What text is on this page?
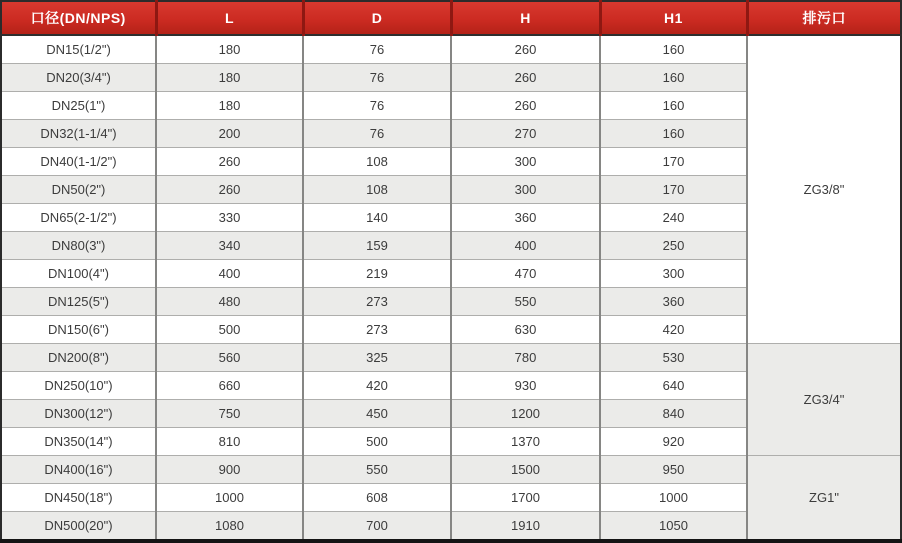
口径(DN/NPS)	L	D	H	H1	排污口
DN15(1/2")	180	76	260	160	ZG3/8"
DN20(3/4")	180	76	260	160	
DN25(1")	180	76	260	160	
DN32(1-1/4")	200	76	270	160	
DN40(1-1/2")	260	108	300	170	
DN50(2")	260	108	300	170	
DN65(2-1/2")	330	140	360	240	
DN80(3")	340	159	400	250	
DN100(4")	400	219	470	300	
DN125(5")	480	273	550	360	
DN150(6")	500	273	630	420	
DN200(8")	560	325	780	530	ZG3/4"
DN250(10")	660	420	930	640	
DN300(12")	750	450	1200	840	
DN350(14")	810	500	1370	920	
DN400(16")	900	550	1500	950	ZG1"
DN450(18")	1000	608	1700	1000	
DN500(20")	1080	700	1910	1050	
